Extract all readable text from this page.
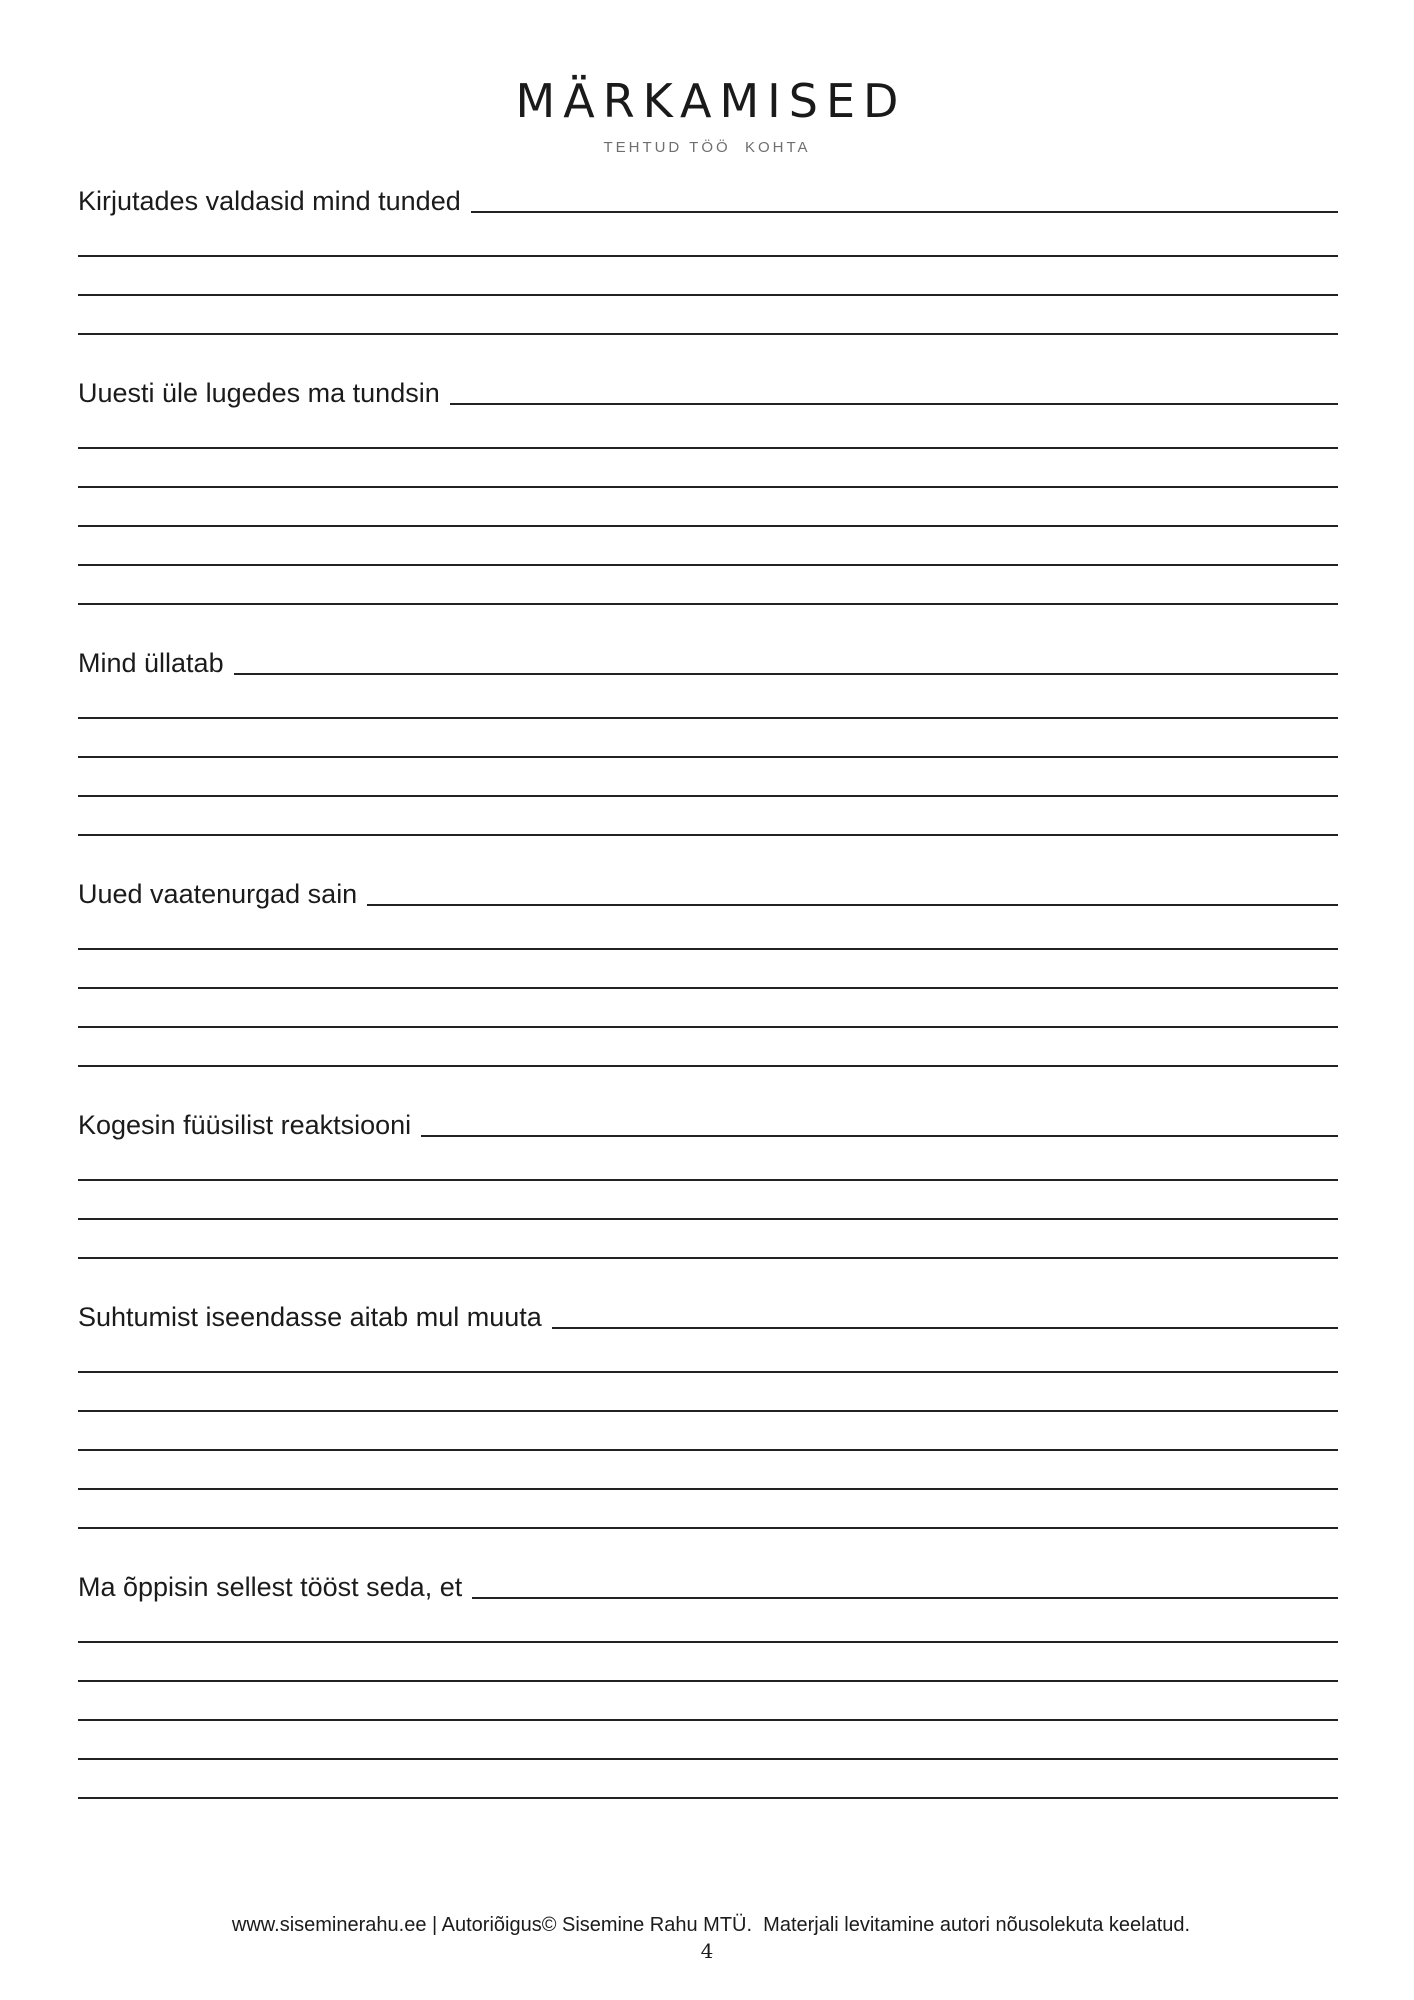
MÄRKAMISED
TEHTUD TÖÖ  KOHTA
Kirjutades valdasid mind tunded
Uuesti üle lugedes ma tundsin
Mind üllatab
Uued vaatenurgad sain
Kogesin füüsilist reaktsiooni
Suhtumist iseendasse aitab mul muuta
Ma õppisin sellest tööst seda, et
www.siseminerahu.ee | Autoriõigus© Sisemine Rahu MTÜ.  Materjali levitamine autori nõusolekuta keelatud.
4
